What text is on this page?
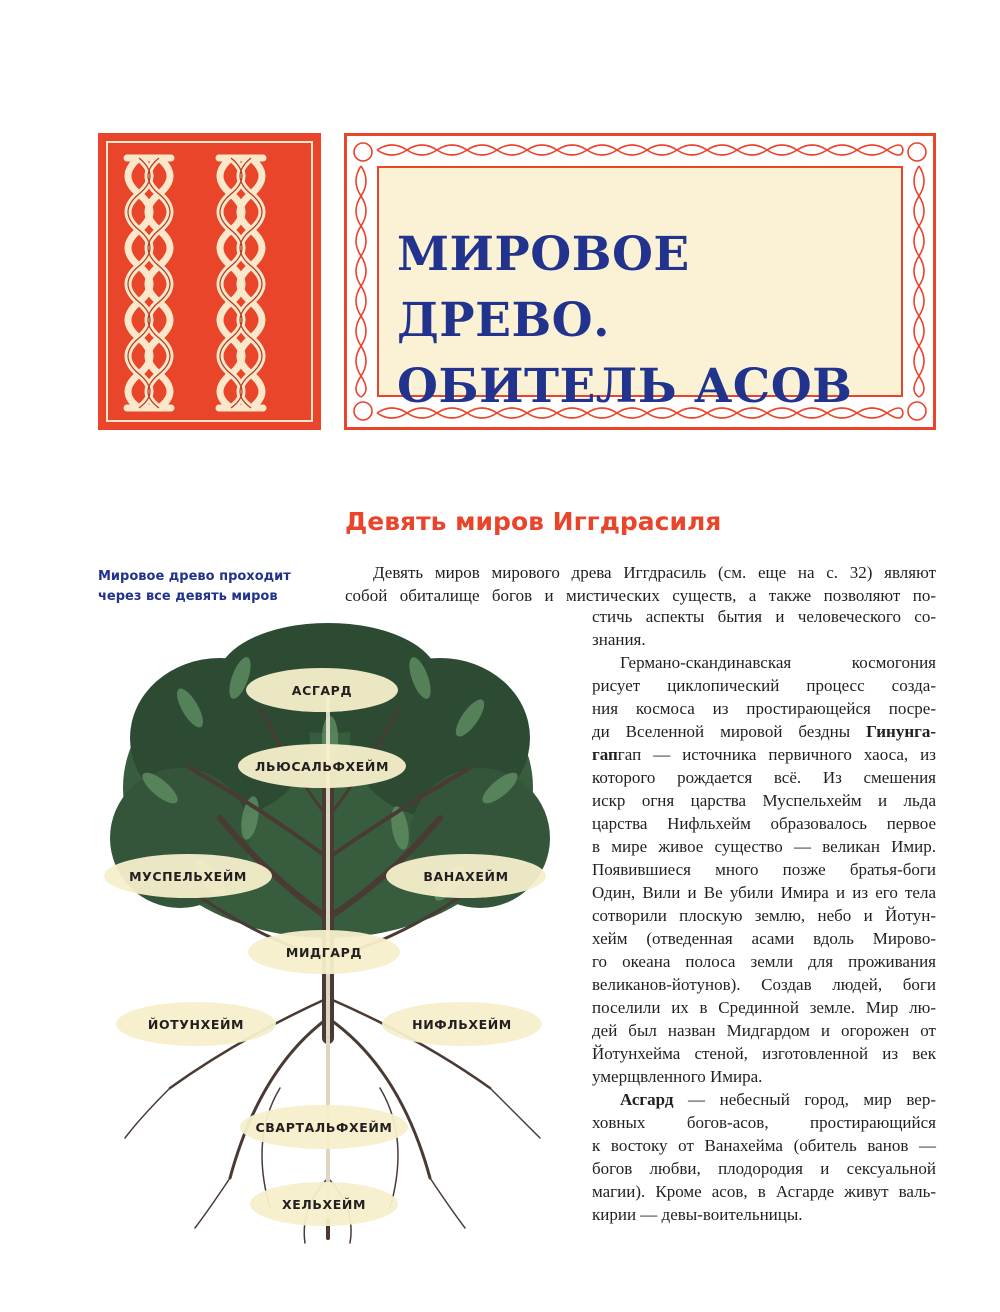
МИРОВОЕ ДРЕВО.
ОБИТЕЛЬ АСОВ
Девять миров Иггдрасиля

Мировое древо проходит
через все девять миров

Девять миров мирового древа Иггдрасиль (см. еще на с. 32) являют
собой обиталище богов и мистических существ, а также позволяют по-
стичь аспекты бытия и человеческого со-
знания.
Германо-скандинавская космогония
рисует циклопический процесс созда-
ния космоса из простирающейся посре-
ди Вселенной мировой бездны Гинунга-
гапгап — источника первичного хаоса, из
которого рождается всё. Из смешения
искр огня царства Муспельхейм и льда
царства Нифльхейм образовалось первое
в мире живое существо — великан Имир.
Появившиеся много позже братья-боги
Один, Вили и Ве убили Имира и из его тела
сотворили плоскую землю, небо и Йотун-
хейм (отведенная асами вдоль Мирово-
го океана полоса земли для проживания
великанов-йотунов). Создав людей, боги
поселили их в Срединной земле. Мир лю-
дей был назван Мидгардом и огорожен от
Йотунхейма стеной, изготовленной из век
умерщвленного Имира.
Асгард — небесный город, мир вер-
ховных богов-асов, простирающийся
к востоку от Ванахейма (обитель ванов —
богов любви, плодородия и сексуальной
магии). Кроме асов, в Асгарде живут валь-
кирии — девы-воительницы.
АСГАРД
ЛЬЮСАЛЬФХЕЙМ
МУСПЕЛЬХЕЙМ	ВАНАХЕЙМ
МИДГАРД
ЙОТУНХЕЙМ	НИФЛЬХЕЙМ
СВАРТАЛЬФХЕЙМ
ХЕЛЬХЕЙМ
